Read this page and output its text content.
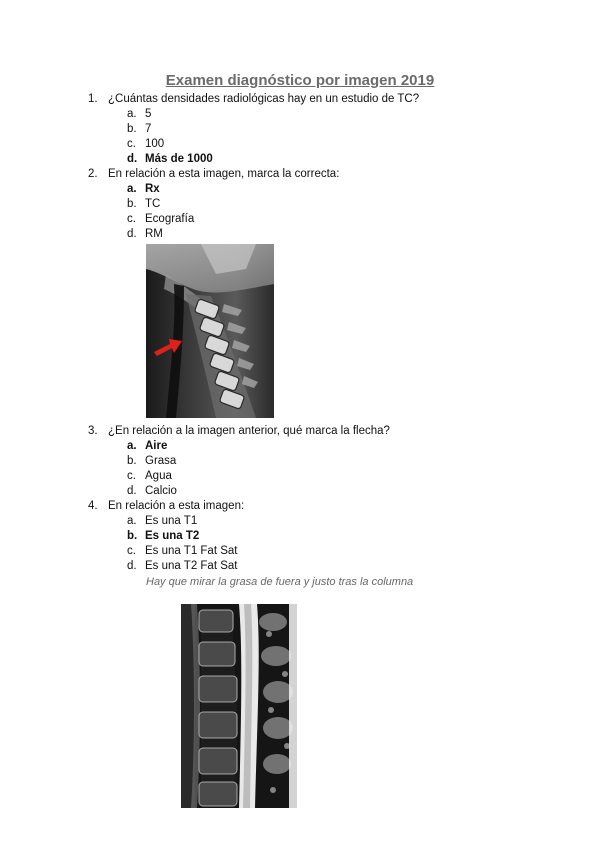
Examen diagnóstico por imagen 2019
1. ¿Cuántas densidades radiológicas hay en un estudio de TC?
a. 5
b. 7
c. 100
d. Más de 1000
2. En relación a esta imagen, marca la correcta:
a. Rx
b. TC
c. Ecografía
d. RM
3. ¿En relación a la imagen anterior, qué marca la flecha?
a. Aire
b. Grasa
c. Agua
d. Calcio
4. En relación a esta imagen:
a. Es una T1
b. Es una T2
c. Es una T1 Fat Sat
d. Es una T2 Fat Sat
Hay que mirar la grasa de fuera y justo tras la columna
